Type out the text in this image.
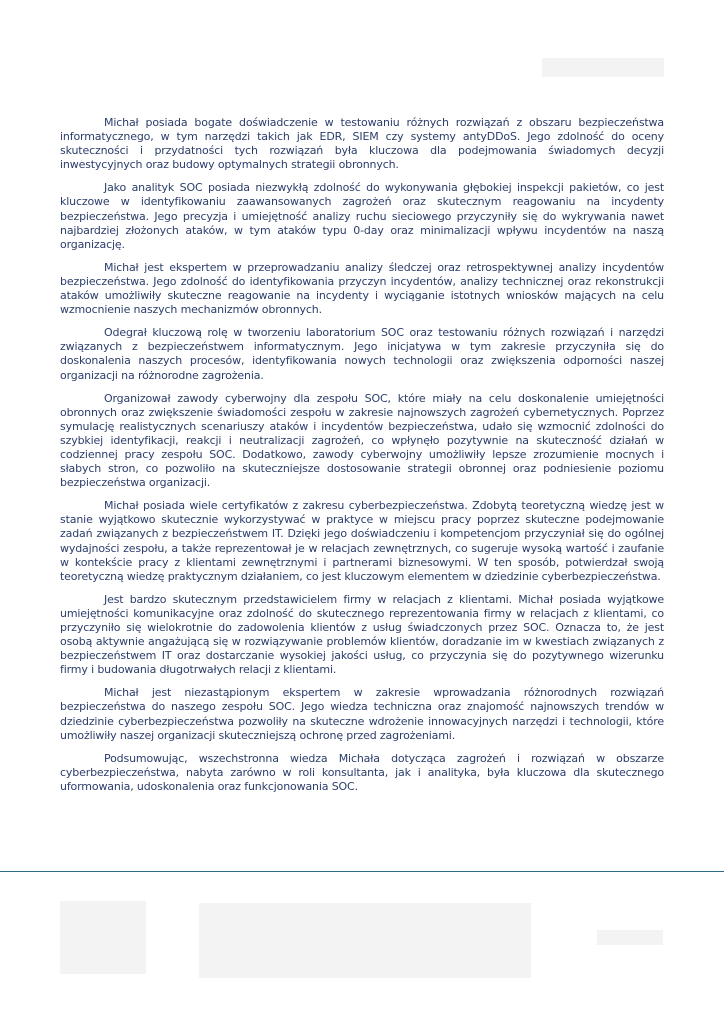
Michał posiada bogate doświadczenie w testowaniu różnych rozwiązań z obszaru bezpieczeństwa informatycznego, w tym narzędzi takich jak EDR, SIEM czy systemy antyDDoS. Jego zdolność do oceny skuteczności i przydatności tych rozwiązań była kluczowa dla podejmowania świadomych decyzji inwestycyjnych oraz budowy optymalnych strategii obronnych.

Jako analityk SOC posiada niezwykłą zdolność do wykonywania głębokiej inspekcji pakietów, co jest kluczowe w identyfikowaniu zaawansowanych zagrożeń oraz skutecznym reagowaniu na incydenty bezpieczeństwa. Jego precyzja i umiejętność analizy ruchu sieciowego przyczyniły się do wykrywania nawet najbardziej złożonych ataków, w tym ataków typu 0-day oraz minimalizacji wpływu incydentów na naszą organizację.

Michał jest ekspertem w przeprowadzaniu analizy śledczej oraz retrospektywnej analizy incydentów bezpieczeństwa. Jego zdolność do identyfikowania przyczyn incydentów, analizy technicznej oraz rekonstrukcji ataków umożliwiły skuteczne reagowanie na incydenty i wyciąganie istotnych wniosków mających na celu wzmocnienie naszych mechanizmów obronnych.

Odegrał kluczową rolę w tworzeniu laboratorium SOC oraz testowaniu różnych rozwiązań i narzędzi związanych z bezpieczeństwem informatycznym. Jego inicjatywa w tym zakresie przyczyniła się do doskonalenia naszych procesów, identyfikowania nowych technologii oraz zwiększenia odporności naszej organizacji na różnorodne zagrożenia.

Organizował zawody cyberwojny dla zespołu SOC, które miały na celu doskonalenie umiejętności obronnych oraz zwiększenie świadomości zespołu w zakresie najnowszych zagrożeń cybernetycznych. Poprzez symulację realistycznych scenariuszy ataków i incydentów bezpieczeństwa, udało się wzmocnić zdolności do szybkiej identyfikacji, reakcji i neutralizacji zagrożeń, co wpłynęło pozytywnie na skuteczność działań w codziennej pracy zespołu SOC. Dodatkowo, zawody cyberwojny umożliwiły lepsze zrozumienie mocnych i słabych stron, co pozwoliło na skuteczniejsze dostosowanie strategii obronnej oraz podniesienie poziomu bezpieczeństwa organizacji.

Michał posiada wiele certyfikatów z zakresu cyberbezpieczeństwa. Zdobytą teoretyczną wiedzę jest w stanie wyjątkowo skutecznie wykorzystywać w praktyce w miejscu pracy poprzez skuteczne podejmowanie zadań związanych z bezpieczeństwem IT. Dzięki jego doświadczeniu i kompetencjom przyczyniał się do ogólnej wydajności zespołu, a także reprezentował je w relacjach zewnętrznych, co sugeruje wysoką wartość i zaufanie w kontekście pracy z klientami zewnętrznymi i partnerami biznesowymi. W ten sposób, potwierdzał swoją teoretyczną wiedzę praktycznym działaniem, co jest kluczowym elementem w dziedzinie cyberbezpieczeństwa.

Jest bardzo skutecznym przedstawicielem firmy w relacjach z klientami. Michał posiada wyjątkowe umiejętności komunikacyjne oraz zdolność do skutecznego reprezentowania firmy w relacjach z klientami, co przyczyniło się wielokrotnie do zadowolenia klientów z usług świadczonych przez SOC. Oznacza to, że jest osobą aktywnie angażującą się w rozwiązywanie problemów klientów, doradzanie im w kwestiach związanych z bezpieczeństwem IT oraz dostarczanie wysokiej jakości usług, co przyczynia się do pozytywnego wizerunku firmy i budowania długotrwałych relacji z klientami.

Michał jest niezastąpionym ekspertem w zakresie wprowadzania różnorodnych rozwiązań bezpieczeństwa do naszego zespołu SOC. Jego wiedza techniczna oraz znajomość najnowszych trendów w dziedzinie cyberbezpieczeństwa pozwoliły na skuteczne wdrożenie innowacyjnych narzędzi i technologii, które umożliwiły naszej organizacji skuteczniejszą ochronę przed zagrożeniami.

Podsumowując, wszechstronna wiedza Michała dotycząca zagrożeń i rozwiązań w obszarze cyberbezpieczeństwa, nabyta zarówno w roli konsultanta, jak i analityka, była kluczowa dla skutecznego uformowania, udoskonalenia oraz funkcjonowania SOC.
